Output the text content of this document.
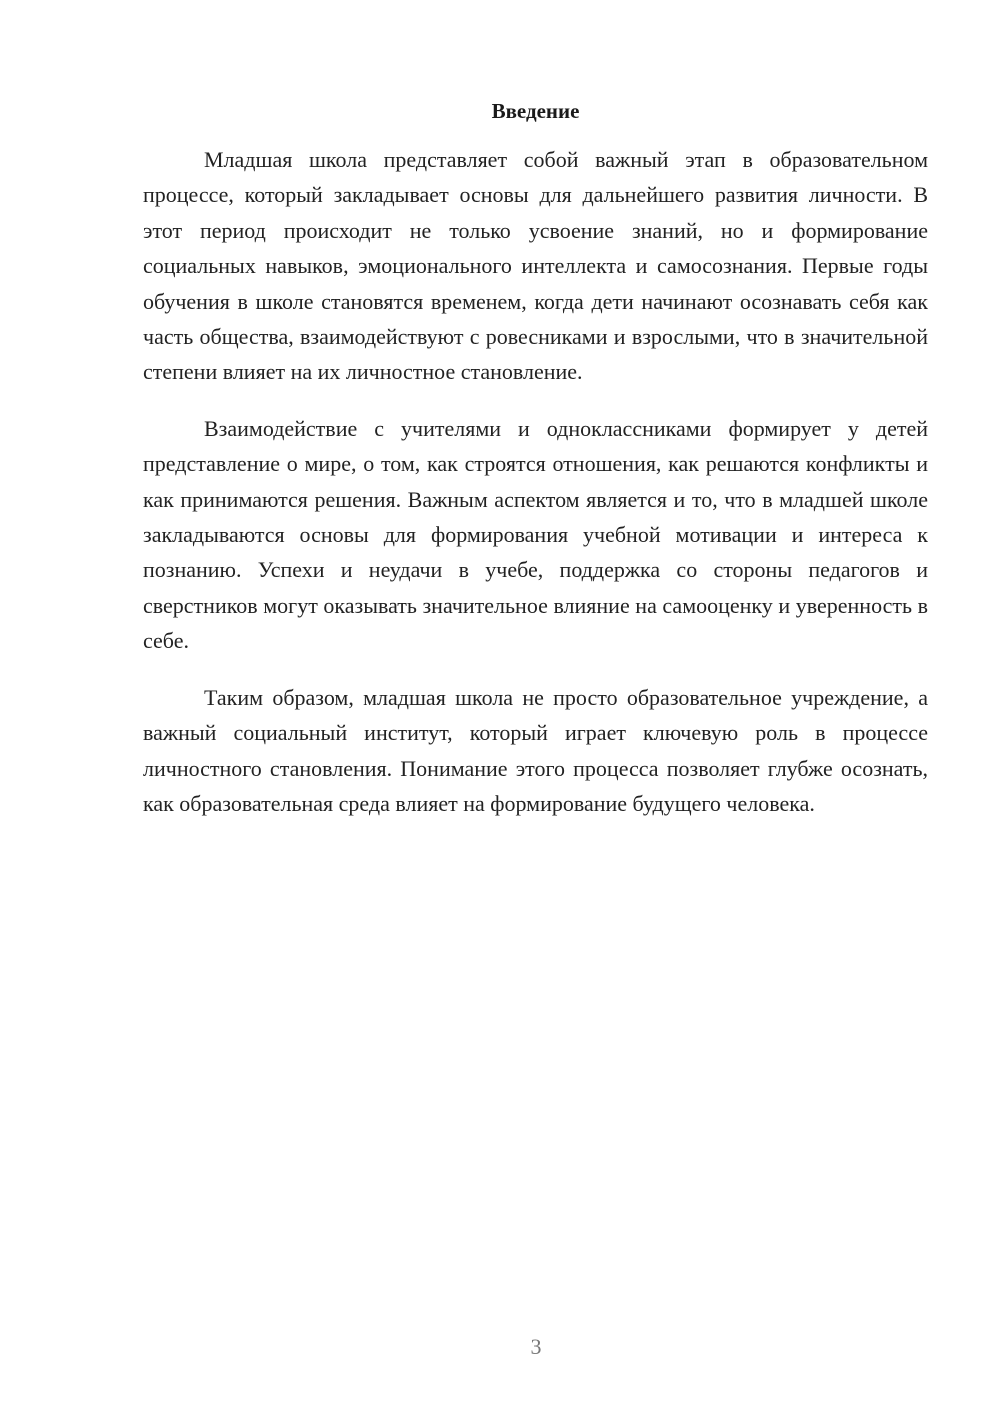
Введение

Младшая школа представляет собой важный этап в образовательном процессе, который закладывает основы для дальнейшего развития личности. В этот период происходит не только усвоение знаний, но и формирование социальных навыков, эмоционального интеллекта и самосознания. Первые годы обучения в школе становятся временем, когда дети начинают осознавать себя как часть общества, взаимодействуют с ровесниками и взрослыми, что в значительной степени влияет на их личностное становление.

Взаимодействие с учителями и одноклассниками формирует у детей представление о мире, о том, как строятся отношения, как решаются конфликты и как принимаются решения. Важным аспектом является и то, что в младшей школе закладываются основы для формирования учебной мотивации и интереса к познанию. Успехи и неудачи в учебе, поддержка со стороны педагогов и сверстников могут оказывать значительное влияние на самооценку и уверенность в себе.

Таким образом, младшая школа не просто образовательное учреждение, а важный социальный институт, который играет ключевую роль в процессе личностного становления. Понимание этого процесса позволяет глубже осознать, как образовательная среда влияет на формирование будущего человека.

3
